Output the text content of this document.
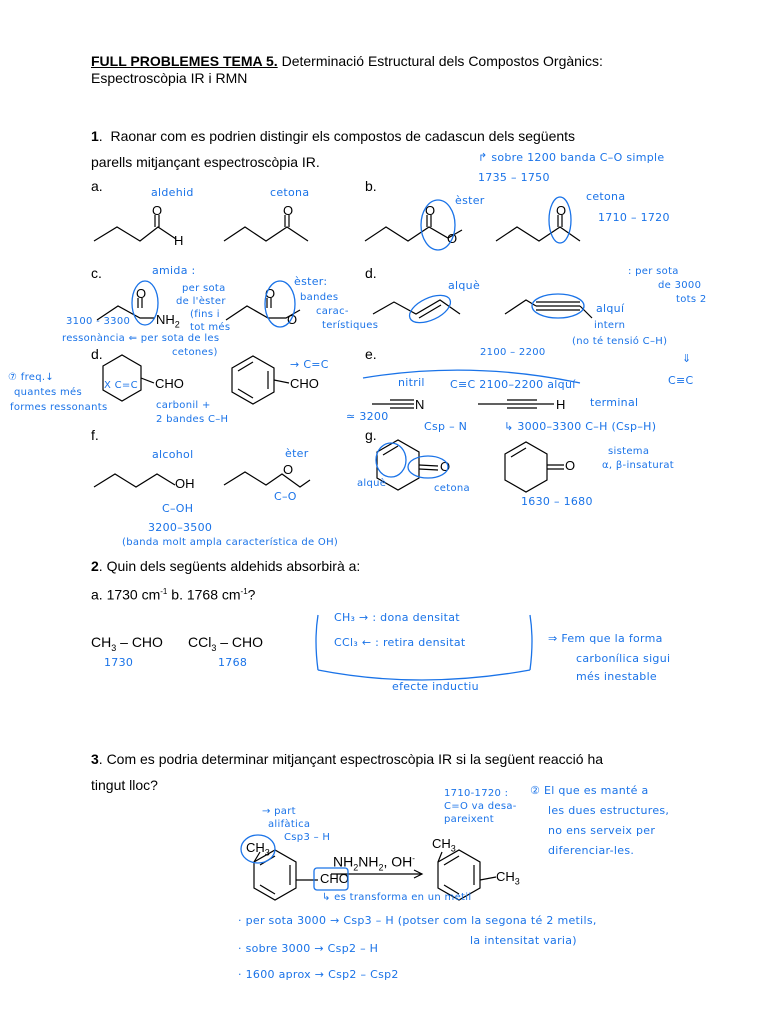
FULL PROBLEMES TEMA 5. Determinació Estructural dels Compostos Orgànics:
Espectroscòpia IR i RMN
1.  Raonar com es podrien distingir els compostos de cadascun dels següents
parells mitjançant espectroscòpia IR.
a.	b.
c.	d.
d.	e.
f.	g.
O
H
O	O
O
O
O
$NH_2$
O
O
CHO	CHO
N	H
OH
O	O	O
2. Quin dels següents aldehids absorbirà a:
a. 1730 $cm^{-1}$ b. 1768 $cm^{-1}$?
$CH_3$ – CHO CCl$_3$ – CHO
3. Com es podria determinar mitjançant espectroscòpia IR si la següent reacció ha
tingut lloc?
$CH_3$
CHO
$NH_2NH_2$, OH-
$CH_3$
$CH_3$
aldehid	cetona
↱ sobre 1200 banda C–O simple
1735 – 1750
èster	cetona
1710 – 1720
amida :
per sota
de l'èster
(fins i
tot més
èster:
bandes
carac-
terístiques
3100 - 3300
ressonància ⇐ per sota de les
cetones)
alquè
: per sota
de 3000
tots 2
alquí
intern
(no té tensió C–H)
2100 – 2200
⑦ freq.↓
quantes més
formes ressonants
X C=C
carbonil +
2 bandes C–H
→ C=C	⇓
nitril C≡C 2100–2200 alquí
terminal
≃ 3200
Csp – N	↳ 3000–3300 C–H (Csp–H)
C≡C
alcohol	èter
C–OH
C–O
3200–3500
(banda molt ampla característica de OH)
sistema
α, β-insaturat
alquè	cetona
1630 – 1680
1730	1768
CH₃ → : dona densitat
CCl₃ ← : retira densitat	⇒ Fem que la forma
carbonílica sigui
més inestable
efecte inductiu
→ part
alifàtica
Csp3 – H
1710-1720 :
C=O va desa-
pareixent
② El que es manté a
les dues estructures,
no ens serveix per
diferenciar-les.
↳ es transforma en un metil
· per sota 3000 → Csp3 – H (potser com la segona té 2 metils,
la intensitat varia)
· sobre 3000 → Csp2 – H
· 1600 aprox → Csp2 – Csp2
